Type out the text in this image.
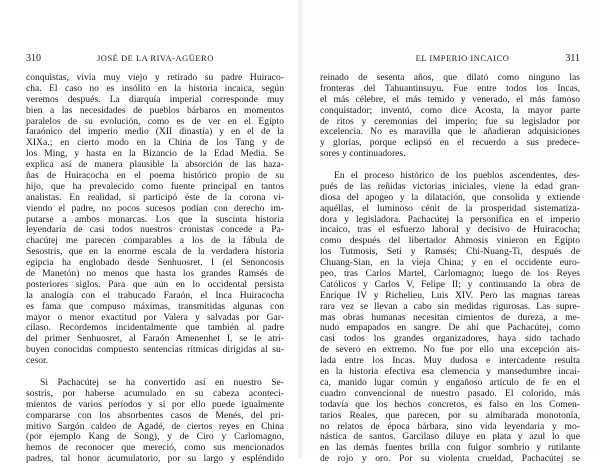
310	JOSÉ DE LA RIVA-AGÜERO
conquistas, vivía muy viejo y retirado su padre Huiraco-
cha. El caso no es insólito en la historia incaica, según
veremos después. La diarquía imperial corresponde muy
bien a las necesidades de pueblos bárbaros en momentos
paralelos de su evolución, como es de ver en el Egipto
faraónico del imperio medio (XII dinastía) y en el de la
XIXa.; en cierto modo en la China de los Tang y de
los Ming, y hasta en la Bizancio de la Edad Media. Se
explica así de manera plausible la absorción de las haza-
ñas de Huiracocha en el poema histórico propio de su
hijo, que ha prevalecido como fuente principal en tantos
analistas. En realidad, si participó éste de la corona vi-
viendo el padre, no pocos sucesos podían con derecho im-
putarse a ambos monarcas. Los que la suscinta historia
leyendaria de casi todos nuestros cronistas concede a Pa-
chacútej me parecen comparables a los de la fábula de
Sesostris, que en la enorme escala de la verdadera historia
egipcia ha englobado desde Senhuosret. I (el Senoncosis
de Manetón) no menos que hasta los grandes Ramsés de
posteriores siglos. Para que aún en lo occidental persista
la analogía con el trabucado Faraón, el Inca Huiracocha
es fama que compuso máximas, transmitidas algunas con
mayor o menor exactitud por Valera y salvadas por Gar-
cilaso. Recordemos incidentalmente que también al padre
del primer Senhuosret, al Faraón Amenenhet I, se le atri-
buyen conocidas compuesto sentencias rítmicas dirigidas al su-
cesor.
Si Pachacútej se ha convertido así en nuestro Se-
sostris, por haberse acumulado en su cabeza aconteci-
mientos de varios períodos y si por ello puede igualmente
compararse con los absorbentes casos de Menés, del pri-
mitivo Sargón caldeo de Agadé, de ciertos reyes en China
(por ejemplo Kang de Song), y de Ciro y Carlomagno,
hemos de reconocer que mereció, como sus mencionados
padres, tal honor acumulatorio, por su largo y espléndido
EL IMPERIO INCAICO	311
reinado de sesenta años, que dilató como ninguno las
fronteras del Tahuantinsuyu. Fue entre todos los Incas,
el más célebre, el más temido y venerado, el más famoso
conquistador; inventó, como dice Acosta, la mayor parte
de ritos y ceremonias del imperio; fue su legislador por
excelencia. No es maravilla que le añadieran adquisiciones
y glorias, porque eclipsó en el recuerdo a sus predece-
sores y continuadores.
En el proceso histórico de los pueblos ascendentes, des-
pués de las reñidas victorias iniciales, viene la edad gran-
diosa del apogeo y la dilatación, que consolida y extiende
aquéllas, el luminoso cénit de la prosperidad sistematiza-
dora y legisladora. Pachacútej la personifica en el imperio
incaico, tras el esfuerzo laboral y decisivo de Huiracocha;
como después del libertador Ahmosis vinieron en Egipto
los Tutmosis, Seti y Ramsés; Chi-Nuang-Ti, después de
Chuang-Sian, en la vieja China; y en el occidente euro-
peo, tras Carlos Martel, Carlomagno; luego de los Reyes
Católicos y Carlos V, Felipe II; y continuando la obra de
Enrique IV y Richelieu, Luis XIV. Pero las magnas tareas
rara vez se llevan a cabo sin medidas rigurosas. Las supre-
mas obras humanas necesitan cimientos de dureza, a me-
nudo empapados en sangre. De ahí que Pachacútej, como
casi todos los grandes organizadores, haya sido tachado
de severo en extremo. No fue por ello una excepción ais-
lada entre los Incas. Muy dudosa e intercadente resulta
en la historia efectiva esa clemencia y mansedumbre incai-
ca, manido lugar común y engañoso artículo de fe en el
cuadro convencional de nuestro pasado. El colorido, más
todavía que los hechos concretos, es falso en los Comen-
tarios Reales, que parecen, por su almibarada monotonía,
no relatos de época bárbara, sino vida leyendaria y mo-
nástica de santos. Garcilaso diluye en plata y azul lo que
en las demás fuentes brilla con fulgor sombrío y rutilante
de rojo y oro. Por su violenta crueldad, Pachacútej se
